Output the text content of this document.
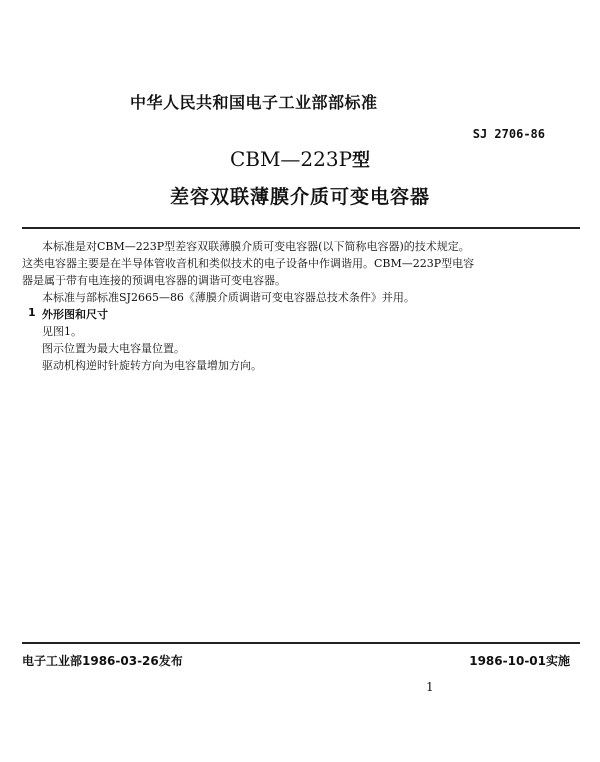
中华人民共和国电子工业部部标准
SJ 2706-86
CBM—223P型
差容双联薄膜介质可变电容器
本标准是对CBM—223P型差容双联薄膜介质可变电容器(以下简称电容器)的技术规定。
这类电容器主要是在半导体管收音机和类似技术的电子设备中作调谐用。CBM—223P型电容
器是属于带有电连接的预调电容器的调谐可变电容器。
本标准与部标准SJ2665—86《薄膜介质调谐可变电容器总技术条件》并用。
1 外形图和尺寸
见图1。
图示位置为最大电容量位置。
驱动机构逆时针旋转方向为电容量增加方向。
电子工业部1986-03-26发布	1986-10-01实施
1
